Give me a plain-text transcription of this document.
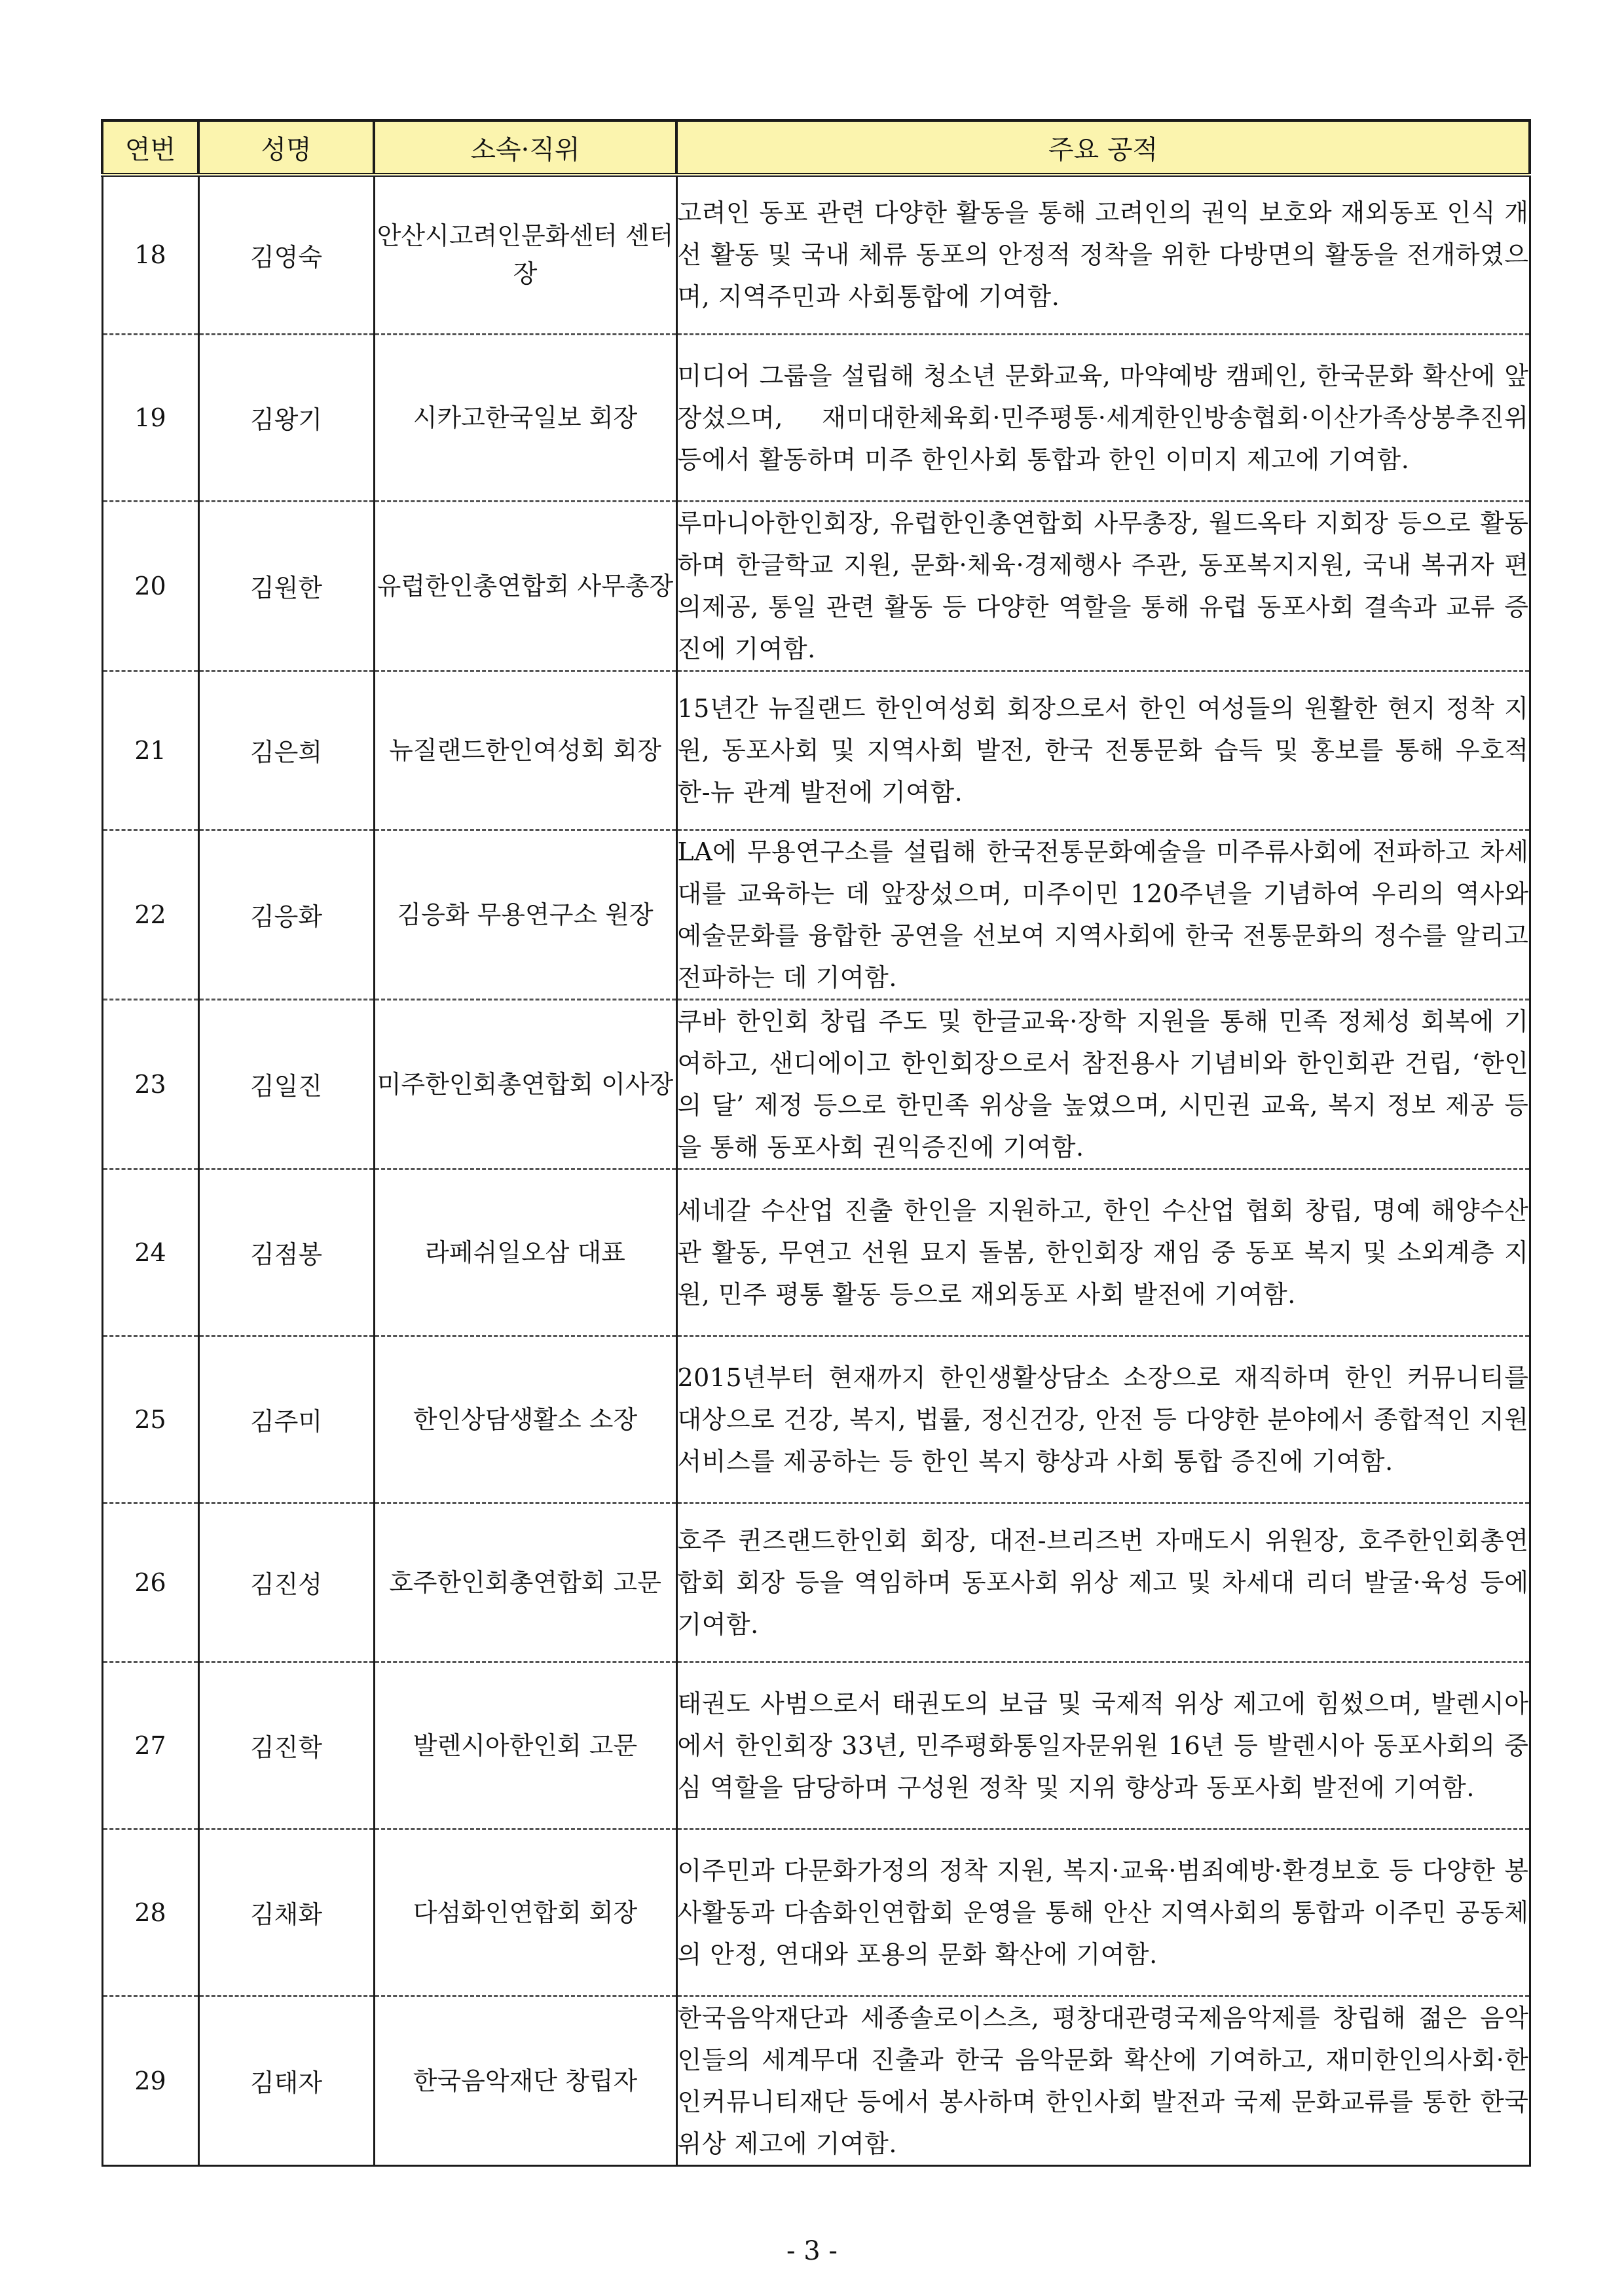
연번	성명	소속·직위	주요 공적
18	김영숙	안산시고려인문화센터 센터장	고려인 동포 관련 다양한 활동을 통해 고려인의 권익 보호와 재외동포 인식 개선 활동 및 국내 체류 동포의 안정적 정착을 위한 다방면의 활동을 전개하였으며, 지역주민과 사회통합에 기여함.

19	김왕기	시카고한국일보 회장	미디어 그룹을 설립해 청소년 문화교육, 마약예방 캠페인, 한국문화 확산에 앞장섰으며, 재미대한체육회·민주평통·세계한인방송협회·이산가족상봉추진위 등에서 활동하며 미주 한인사회 통합과 한인 이미지 제고에 기여함.

20	김원한	유럽한인총연합회 사무총장	루마니아한인회장, 유럽한인총연합회 사무총장, 월드옥타 지회장 등으로 활동하며 한글학교 지원, 문화·체육·경제행사 주관, 동포복지지원, 국내 복귀자 편의제공, 통일 관련 활동 등 다양한 역할을 통해 유럽 동포사회 결속과 교류 증진에 기여함.

21	김은희	뉴질랜드한인여성회 회장	15년간 뉴질랜드 한인여성회 회장으로서 한인 여성들의 원활한 현지 정착 지원, 동포사회 및 지역사회 발전, 한국 전통문화 습득 및 홍보를 통해 우호적 한-뉴 관계 발전에 기여함.

22	김응화	김응화 무용연구소 원장	LA에 무용연구소를 설립해 한국전통문화예술을 미주류사회에 전파하고 차세대를 교육하는 데 앞장섰으며, 미주이민 120주년을 기념하여 우리의 역사와 예술문화를 융합한 공연을 선보여 지역사회에 한국 전통문화의 정수를 알리고 전파하는 데 기여함.

23	김일진	미주한인회총연합회 이사장	쿠바 한인회 창립 주도 및 한글교육·장학 지원을 통해 민족 정체성 회복에 기여하고, 샌디에이고 한인회장으로서 참전용사 기념비와 한인회관 건립, ‘한인의 달’ 제정 등으로 한민족 위상을 높였으며, 시민권 교육, 복지 정보 제공 등을 통해 동포사회 권익증진에 기여함.

24	김점봉	라페쉬일오삼 대표	세네갈 수산업 진출 한인을 지원하고, 한인 수산업 협회 창립, 명예 해양수산관 활동, 무연고 선원 묘지 돌봄, 한인회장 재임 중 동포 복지 및 소외계층 지원, 민주 평통 활동 등으로 재외동포 사회 발전에 기여함.

25	김주미	한인상담생활소 소장	2015년부터 현재까지 한인생활상담소 소장으로 재직하며 한인 커뮤니티를 대상으로 건강, 복지, 법률, 정신건강, 안전 등 다양한 분야에서 종합적인 지원 서비스를 제공하는 등 한인 복지 향상과 사회 통합 증진에 기여함.

26	김진성	호주한인회총연합회 고문	호주 퀸즈랜드한인회 회장, 대전-브리즈번 자매도시 위원장, 호주한인회총연합회 회장 등을 역임하며 동포사회 위상 제고 및 차세대 리더 발굴·육성 등에 기여함.

27	김진학	발렌시아한인회 고문	태권도 사범으로서 태권도의 보급 및 국제적 위상 제고에 힘썼으며, 발렌시아에서 한인회장 33년, 민주평화통일자문위원 16년 등 발렌시아 동포사회의 중심 역할을 담당하며 구성원 정착 및 지위 향상과 동포사회 발전에 기여함.

28	김채화	다섬화인연합회 회장	이주민과 다문화가정의 정착 지원, 복지·교육·범죄예방·환경보호 등 다양한 봉사활동과 다솜화인연합회 운영을 통해 안산 지역사회의 통합과 이주민 공동체의 안정, 연대와 포용의 문화 확산에 기여함.

29	김태자	한국음악재단 창립자	한국음악재단과 세종솔로이스츠, 평창대관령국제음악제를 창립해 젊은 음악인들의 세계무대 진출과 한국 음악문화 확산에 기여하고, 재미한인의사회·한인커뮤니티재단 등에서 봉사하며 한인사회 발전과 국제 문화교류를 통한 한국 위상 제고에 기여함.
- 3 -
